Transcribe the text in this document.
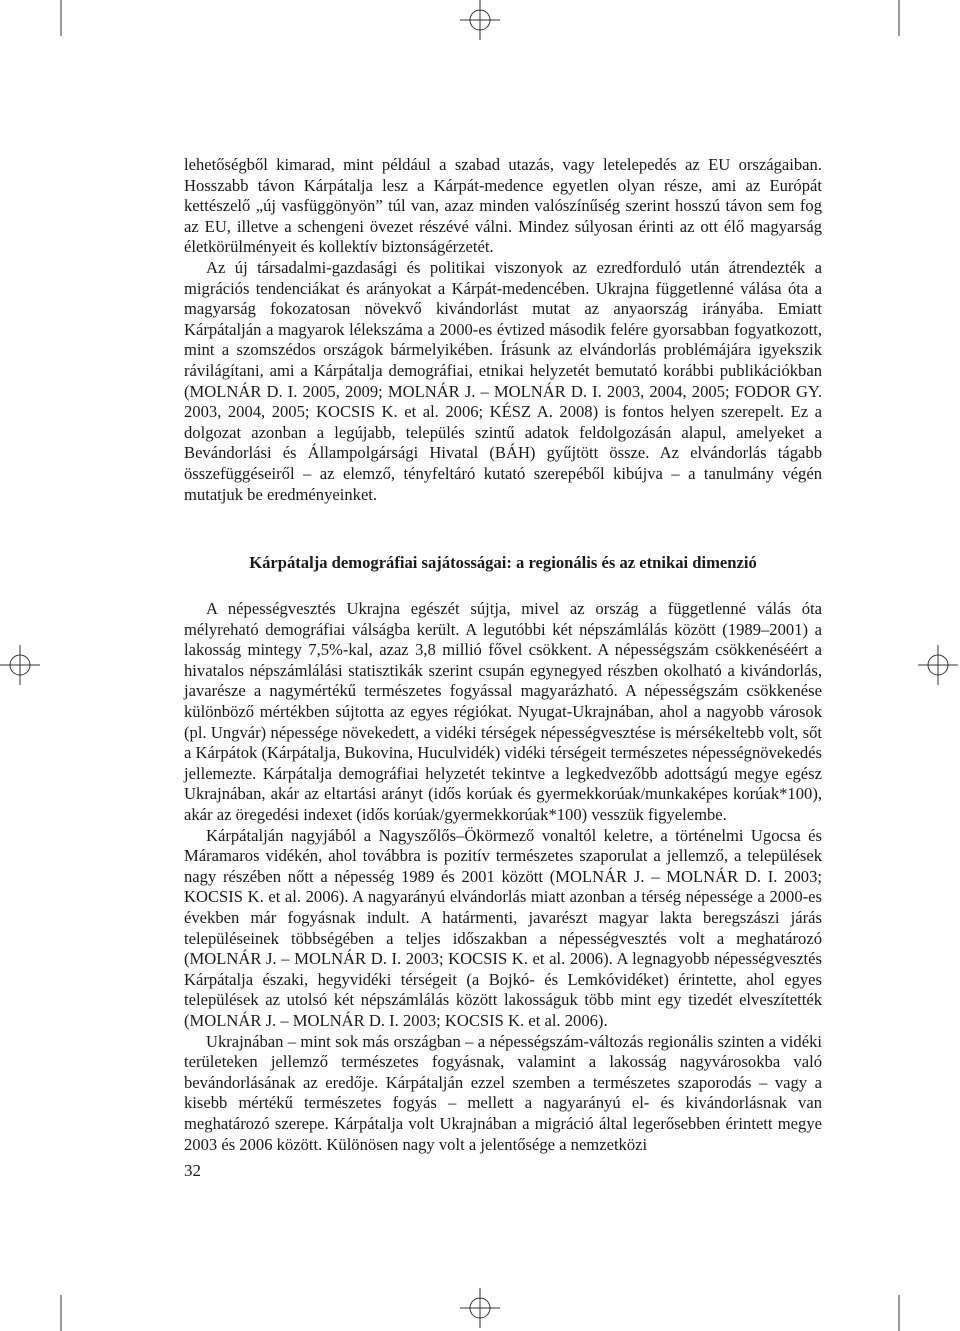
lehetőségből kimarad, mint például a szabad utazás, vagy letelepedés az EU országaiban. Hosszabb távon Kárpátalja lesz a Kárpát-medence egyetlen olyan része, ami az Európát kettészelő „új vasfüggönyön” túl van, azaz minden valószínűség szerint hosszú távon sem fog az EU, illetve a schengeni övezet részévé válni. Mindez súlyosan érinti az ott élő magyarság életkörülményeit és kollektív biztonságérzetét.

Az új társadalmi-gazdasági és politikai viszonyok az ezredforduló után átrendezték a migrációs tendenciákat és arányokat a Kárpát-medencében. Ukrajna függetlenné válása óta a magyarság fokozatosan növekvő kivándorlást mutat az anyaország irányába. Emiatt Kárpátalján a magyarok lélekszáma a 2000-es évtized második felére gyorsabban fogyatkozott, mint a szomszédos országok bármelyikében. Írásunk az elvándorlás problémájára igyekszik rávilágítani, ami a Kárpátalja demográfiai, etnikai helyzetét bemutató korábbi publikációkban (MOLNÁR D. I. 2005, 2009; MOLNÁR J. – MOLNÁR D. I. 2003, 2004, 2005; FODOR GY. 2003, 2004, 2005; KOCSIS K. et al. 2006; KÉSZ A. 2008) is fontos helyen szerepelt. Ez a dolgozat azonban a legújabb, település szintű adatok feldolgozásán alapul, amelyeket a Bevándorlási és Állampolgársági Hivatal (BÁH) gyűjtött össze. Az elvándorlás tágabb összefüggéseiről – az elemző, tényfeltáró kutató szerepéből kibújva – a tanulmány végén mutatjuk be eredményeinket.

Kárpátalja demográfiai sajátosságai: a regionális és az etnikai dimenzió

A népességvesztés Ukrajna egészét sújtja, mivel az ország a függetlenné válás óta mélyreható demográfiai válságba került. A legutóbbi két népszámlálás között (1989–2001) a lakosság mintegy 7,5%-kal, azaz 3,8 millió fővel csökkent. A népességszám csökkenéséért a hivatalos népszámlálási statisztikák szerint csupán egynegyed részben okolható a kivándorlás, javarésze a nagymértékű természetes fogyással magyarázható. A népességszám csökkenése különböző mértékben sújtotta az egyes régiókat. Nyugat-Ukrajnában, ahol a nagyobb városok (pl. Ungvár) népessége növekedett, a vidéki térségek népességvesztése is mérsékeltebb volt, sőt a Kárpátok (Kárpátalja, Bukovina, Huculvidék) vidéki térségeit természetes népességnövekedés jellemezte. Kárpátalja demográfiai helyzetét tekintve a legkedvezőbb adottságú megye egész Ukrajnában, akár az eltartási arányt (idős korúak és gyermekkorúak/munkaképes korúak*100), akár az öregedési indexet (idős korúak/gyermekkorúak*100) vesszük figyelembe.

Kárpátalján nagyjából a Nagyszőlős–Ökörmező vonaltól keletre, a történelmi Ugocsa és Máramaros vidékén, ahol továbbra is pozitív természetes szaporulat a jellemző, a települések nagy részében nőtt a népesség 1989 és 2001 között (MOLNÁR J. – MOLNÁR D. I. 2003; KOCSIS K. et al. 2006). A nagyarányú elvándorlás miatt azonban a térség népessége a 2000-es években már fogyásnak indult. A határmenti, javarészt magyar lakta beregszászi járás településeinek többségében a teljes időszakban a népességvesztés volt a meghatározó (MOLNÁR J. – MOLNÁR D. I. 2003; KOCSIS K. et al. 2006). A legnagyobb népességvesztés Kárpátalja északi, hegyvidéki térségeit (a Bojkó- és Lemkóvidéket) érintette, ahol egyes települések az utolsó két népszámlálás között lakosságuk több mint egy tizedét elveszítették (MOLNÁR J. – MOLNÁR D. I. 2003; KOCSIS K. et al. 2006).

Ukrajnában – mint sok más országban – a népességszám-változás regionális szinten a vidéki területeken jellemző természetes fogyásnak, valamint a lakosság nagyvárosokba való bevándorlásának az eredője. Kárpátalján ezzel szemben a természetes szaporodás – vagy a kisebb mértékű természetes fogyás – mellett a nagyarányú el- és kivándorlásnak van meghatározó szerepe. Kárpátalja volt Ukrajnában a migráció által legerősebben érintett megye 2003 és 2006 között. Különösen nagy volt a jelentősége a nemzetközi

32
